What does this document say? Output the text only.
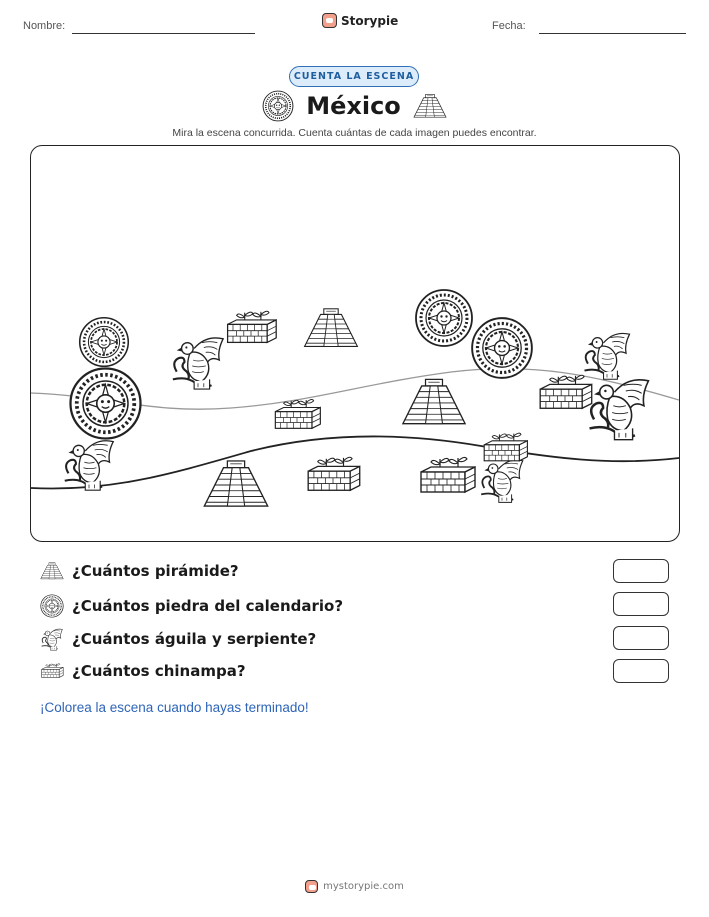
Nombre:	Storypie	Fecha:
CUENTA LA ESCENA
México
Mira la escena concurrida. Cuenta cuántas de cada imagen puedes encontrar.
¿Cuántos pirámide?
¿Cuántos piedra del calendario?
¿Cuántos águila y serpiente?
¿Cuántos chinampa?
¡Colorea la escena cuando hayas terminado!
mystorypie.com
